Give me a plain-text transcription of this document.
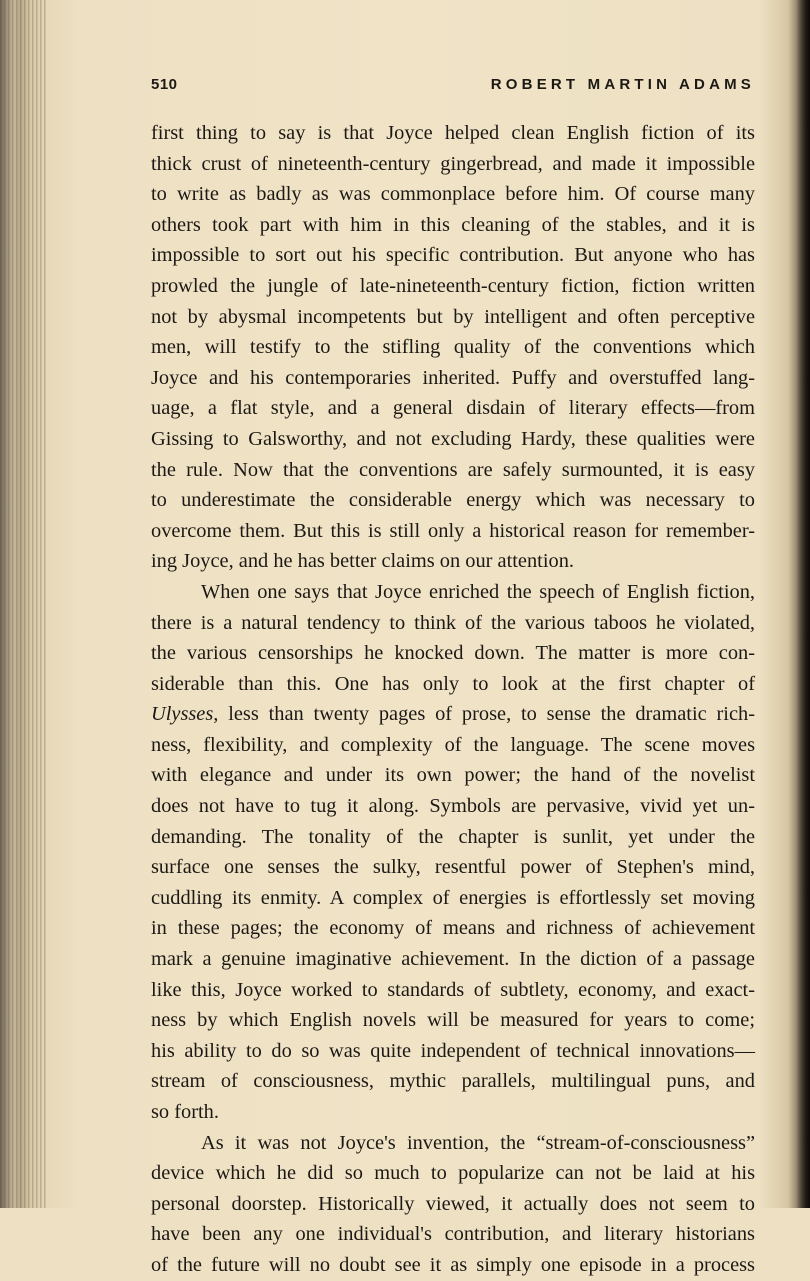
510	ROBERT MARTIN ADAMS
first thing to say is that Joyce helped clean English fiction of its
thick crust of nineteenth-century gingerbread, and made it impossible
to write as badly as was commonplace before him. Of course many
others took part with him in this cleaning of the stables, and it is
impossible to sort out his specific contribution. But anyone who has
prowled the jungle of late-nineteenth-century fiction, fiction written
not by abysmal incompetents but by intelligent and often perceptive
men, will testify to the stifling quality of the conventions which
Joyce and his contemporaries inherited. Puffy and overstuffed lang-
uage, a flat style, and a general disdain of literary effects—from
Gissing to Galsworthy, and not excluding Hardy, these qualities were
the rule. Now that the conventions are safely surmounted, it is easy
to underestimate the considerable energy which was necessary to
overcome them. But this is still only a historical reason for remember-
ing Joyce, and he has better claims on our attention.
When one says that Joyce enriched the speech of English fiction,
there is a natural tendency to think of the various taboos he violated,
the various censorships he knocked down. The matter is more con-
siderable than this. One has only to look at the first chapter of
Ulysses, less than twenty pages of prose, to sense the dramatic rich-
ness, flexibility, and complexity of the language. The scene moves
with elegance and under its own power; the hand of the novelist
does not have to tug it along. Symbols are pervasive, vivid yet un-
demanding. The tonality of the chapter is sunlit, yet under the
surface one senses the sulky, resentful power of Stephen's mind,
cuddling its enmity. A complex of energies is effortlessly set moving
in these pages; the economy of means and richness of achievement
mark a genuine imaginative achievement. In the diction of a passage
like this, Joyce worked to standards of subtlety, economy, and exact-
ness by which English novels will be measured for years to come;
his ability to do so was quite independent of technical innovations—
stream of consciousness, mythic parallels, multilingual puns, and
so forth.
As it was not Joyce's invention, the “stream-of-consciousness”
device which he did so much to popularize can not be laid at his
personal doorstep. Historically viewed, it actually does not seem to
have been any one individual's contribution, and literary historians
of the future will no doubt see it as simply one episode in a process
